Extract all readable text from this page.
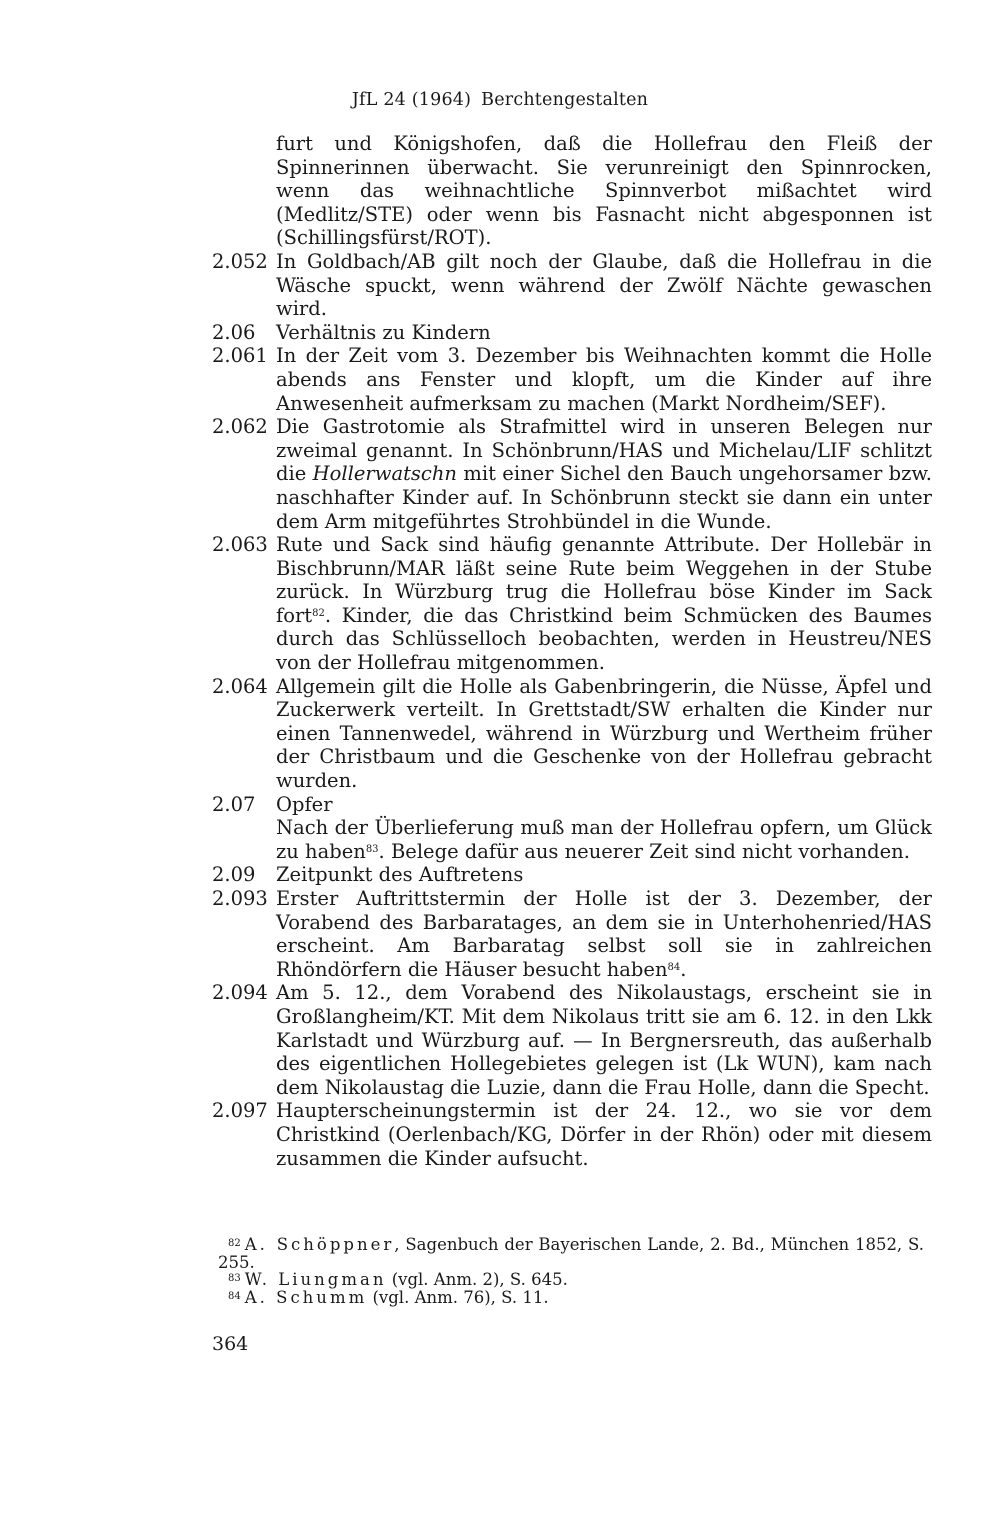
JfL 24 (1964) Berchtengestalten
furt und Königshofen, daß die Hollefrau den Fleiß der Spinnerinnen überwacht. Sie verunreinigt den Spinnrocken, wenn das weihnachtliche Spinnverbot mißachtet wird (Medlitz/STE) oder wenn bis Fasnacht nicht abgesponnen ist (Schillingsfürst/ROT).
2.052 In Goldbach/AB gilt noch der Glaube, daß die Hollefrau in die Wäsche spuckt, wenn während der Zwölf Nächte gewaschen wird.
2.06	Verhältnis zu Kindern
2.061 In der Zeit vom 3. Dezember bis Weihnachten kommt die Holle abends ans Fenster und klopft, um die Kinder auf ihre Anwesenheit aufmerksam zu machen (Markt Nordheim/SEF).
2.062 Die Gastrotomie als Strafmittel wird in unseren Belegen nur zweimal genannt. In Schönbrunn/HAS und Michelau/LIF schlitzt die Hollerwatschn mit einer Sichel den Bauch ungehorsamer bzw. naschhafter Kinder auf. In Schönbrunn steckt sie dann ein unter dem Arm mitgeführtes Strohbündel in die Wunde.
2.063 Rute und Sack sind häufig genannte Attribute. Der Hollebär in Bischbrunn/MAR läßt seine Rute beim Weggehen in der Stube zurück. In Würzburg trug die Hollefrau böse Kinder im Sack fort$^{82}$. Kinder, die das Christkind beim Schmücken des Baumes durch das Schlüsselloch beobachten, werden in Heustreu/NES von der Hollefrau mitgenommen.
2.064 Allgemein gilt die Holle als Gabenbringerin, die Nüsse, Äpfel und Zuckerwerk verteilt. In Grettstadt/SW erhalten die Kinder nur einen Tannenwedel, während in Würzburg und Wertheim früher der Christbaum und die Geschenke von der Hollefrau gebracht wurden.
2.07	Opfer
Nach der Überlieferung muß man der Hollefrau opfern, um Glück zu haben$^{83}$. Belege dafür aus neuerer Zeit sind nicht vorhanden.
2.09	Zeitpunkt des Auftretens
2.093 Erster Auftrittstermin der Holle ist der 3. Dezember, der Vorabend des Barbaratages, an dem sie in Unterhohenried/HAS erscheint. Am Barbaratag selbst soll sie in zahlreichen Rhöndörfern die Häuser besucht haben$^{84}$.
2.094 Am 5. 12., dem Vorabend des Nikolaustags, erscheint sie in Großlangheim/KT. Mit dem Nikolaus tritt sie am 6. 12. in den Lkk Karlstadt und Würzburg auf. — In Bergnersreuth, das außerhalb des eigentlichen Hollegebietes gelegen ist (Lk WUN), kam nach dem Nikolaustag die Luzie, dann die Frau Holle, dann die Specht.
2.097 Haupterscheinungstermin ist der 24. 12., wo sie vor dem Christkind (Oerlenbach/KG, Dörfer in der Rhön) oder mit diesem zusammen die Kinder aufsucht.
$^{82}$ A. Schöppner, Sagenbuch der Bayerischen Lande, 2. Bd., München 1852, S. 255.
$^{83}$ W. Liungman (vgl. Anm. 2), S. 645.
$^{84}$ A. Schumm (vgl. Anm. 76), S. 11.
364
